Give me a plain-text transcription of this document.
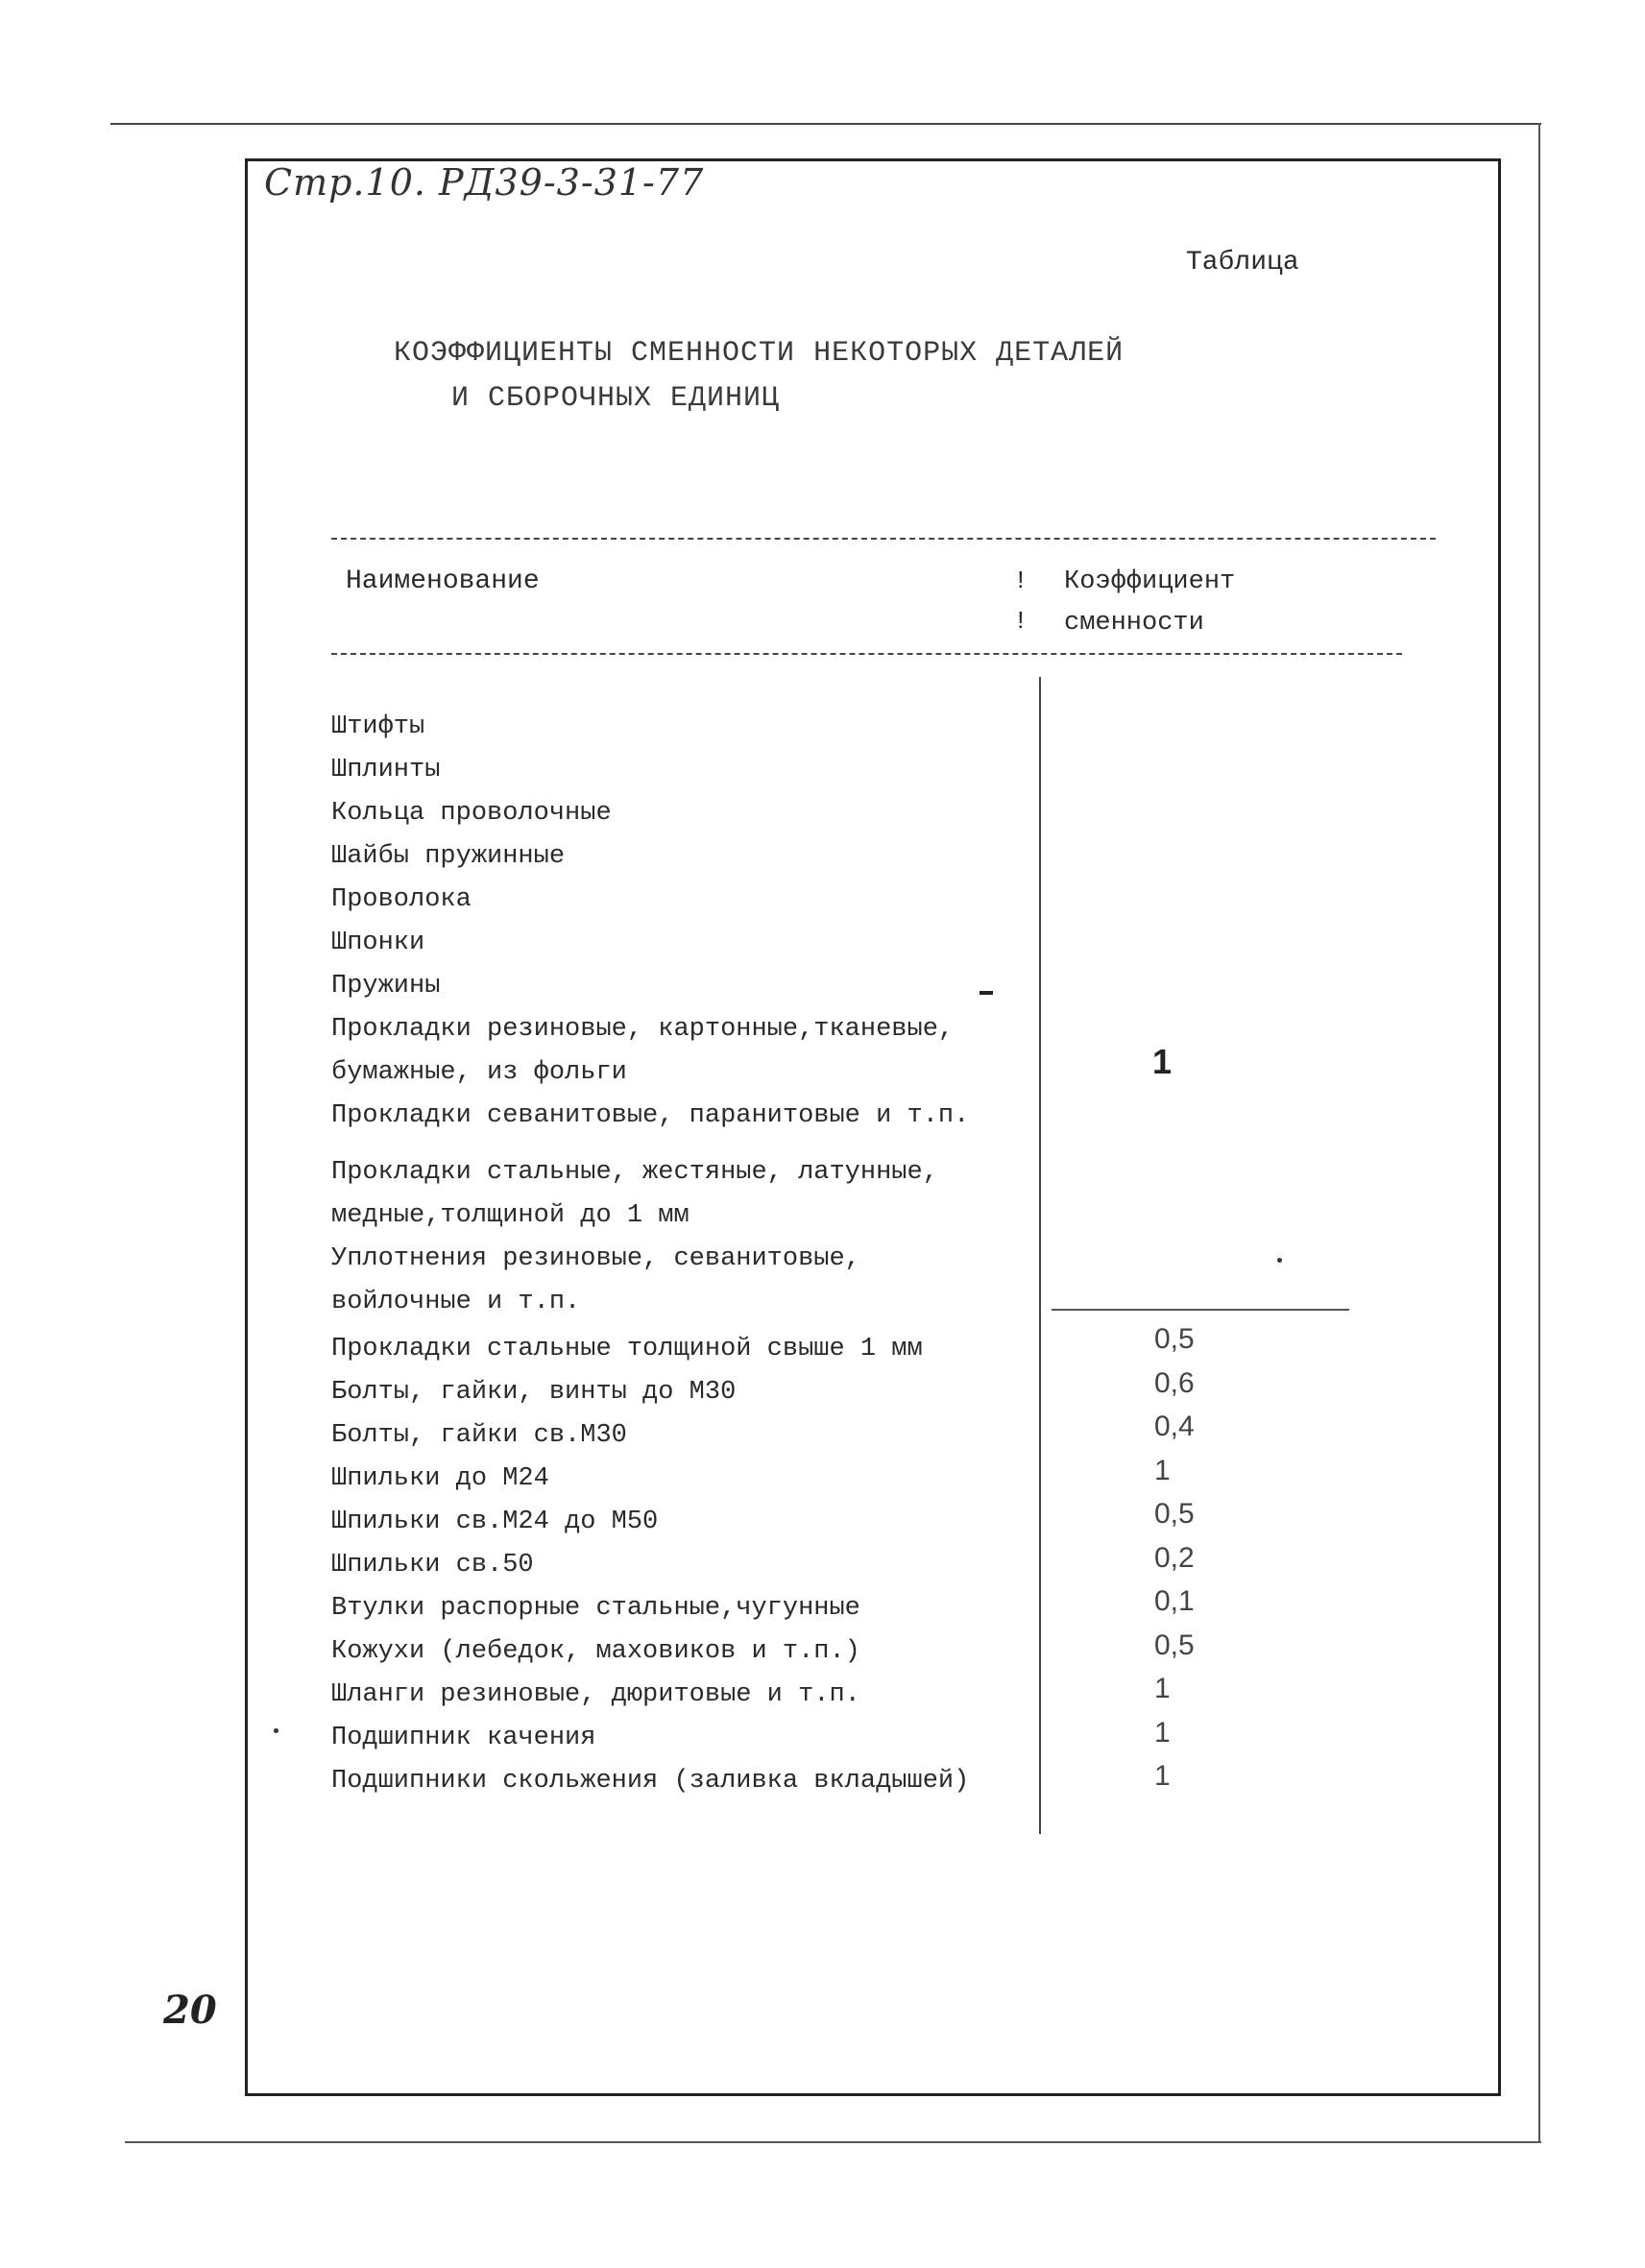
Стр.10. РД39-3-31-77
Таблица
КОЭФФИЦИЕНТЫ СМЕННОСТИ НЕКОТОРЫХ ДЕТАЛЕЙ
И СБОРОЧНЫХ ЕДИНИЦ
Наименование	!
!
Коэффициент
сменности
Штифты
Шплинты
Кольца проволочные
Шайбы пружинные
Проволока
Шпонки
Пружины
Прокладки резиновые, картонные,тканевые,
бумажные, из фольги
Прокладки севанитовые, паранитовые и т.п.
Прокладки стальные, жестяные, латунные,
медные,толщиной до 1 мм
Уплотнения резиновые, севанитовые,
войлочные и т.п.
Прокладки стальные толщиной свыше 1 мм
Болты, гайки, винты до М30
Болты, гайки св.М30
Шпильки до М24
Шпильки св.М24 до М50
Шпильки св.50
Втулки распорные стальные,чугунные
Кожухи (лебедок, маховиков и т.п.)
Шланги резиновые, дюритовые и т.п.
Подшипник качения
Подшипники скольжения (заливка вкладышей)
1
0,5
0,6
0,4
1
0,5
0,2
0,1
0,5
1
1
1
20
